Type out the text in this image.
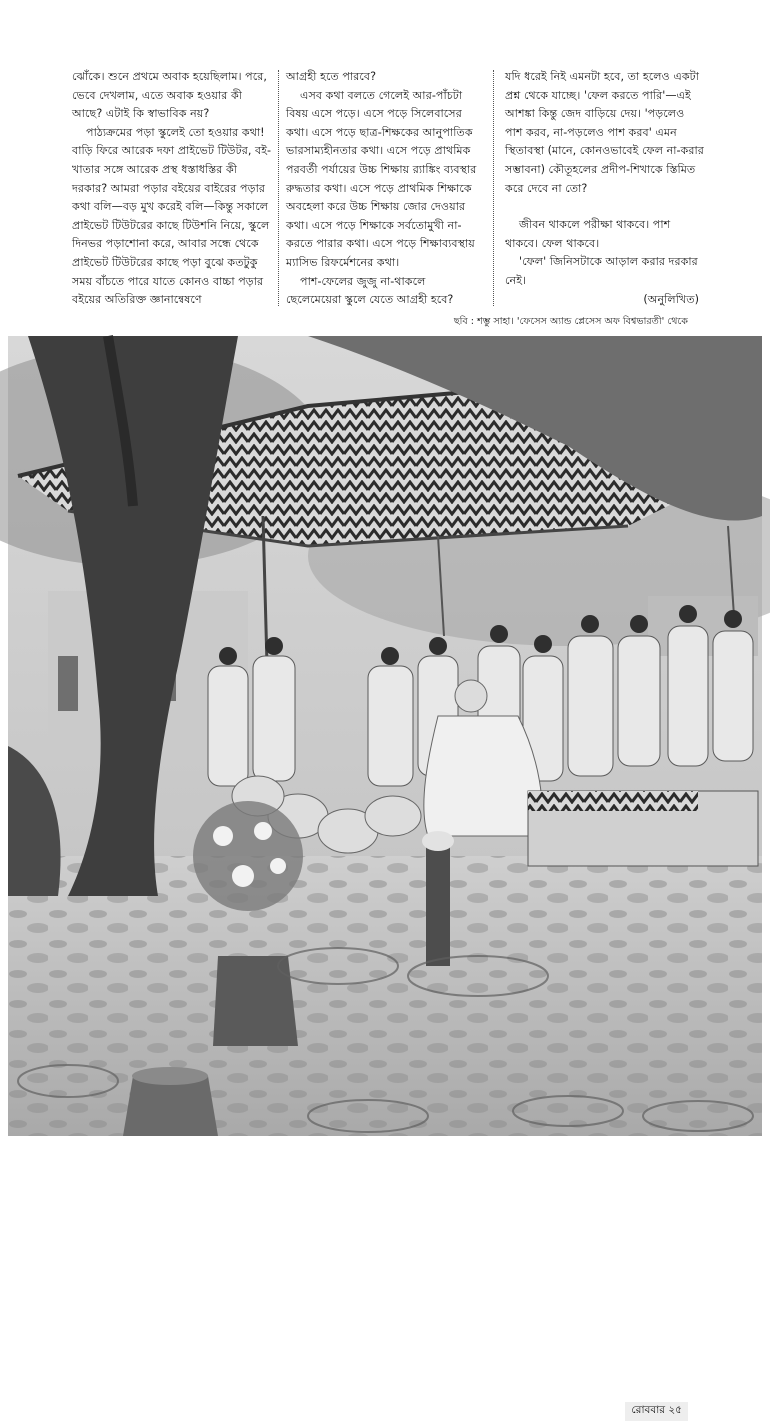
ঝোঁকে। শুনে প্রথমে অবাক হয়েছিলাম। পরে, ভেবে দেখলাম, এতে অবাক হওয়ার কী আছে? এটাই কি স্বাভাবিক নয়?

পাঠ্যক্রমের পড়া স্কুলেই তো হওয়ার কথা! বাড়ি ফিরে আরেক দফা প্রাইভেট টিউটর, বই-খাতার সঙ্গে আরেক প্রস্থ ধস্তাধস্তির কী দরকার? আমরা পড়ার বইয়ের বাইরের পড়ার কথা বলি—বড় মুখ করেই বলি—কিন্তু সকালে প্রাইভেট টিউটরের কাছে টিউশনি নিয়ে, স্কুলে দিনভর পড়াশোনা করে, আবার সন্ধে থেকে প্রাইভেট টিউটরের কাছে পড়া বুঝে কতটুকু সময় বাঁচতে পারে যাতে কোনও বাচ্চা পড়ার বইয়ের অতিরিক্ত জ্ঞানান্বেষণে

আগ্রহী হতে পারবে?

এসব কথা বলতে গেলেই আর-পাঁচটা বিষয় এসে পড়ে। এসে পড়ে সিলেবাসের কথা। এসে পড়ে ছাত্র-শিক্ষকের আনুপাতিক ভারসাম্যহীনতার কথা। এসে পড়ে প্রাথমিক পরবর্তী পর্যায়ের উচ্চ শিক্ষায় র‍্যাঙ্কিং ব্যবস্থার রুদ্ধতার কথা। এসে পড়ে প্রাথমিক শিক্ষাকে অবহেলা করে উচ্চ শিক্ষায় জোর দেওয়ার কথা। এসে পড়ে শিক্ষাকে সর্বতোমুখী না-করতে পারার কথা। এসে পড়ে শিক্ষাব্যবস্থায় ম্যাসিভ রিফর্মেশনের কথা।

পাশ-ফেলের জুজু না-থাকলে ছেলেমেয়েরা স্কুলে যেতে আগ্রহী হবে?

যদি ধরেই নিই এমনটা হবে, তা হলেও একটা প্রশ্ন থেকে যাচ্ছে। 'ফেল করতে পারি'—এই আশঙ্কা কিন্তু জেদ বাড়িয়ে দেয়। 'পড়লেও পাশ করব, না-পড়লেও পাশ করব' এমন স্থিতাবস্থা (মানে, কোনওভাবেই ফেল না-করার সম্ভাবনা) কৌতূহলের প্রদীপ-শিখাকে স্তিমিত করে দেবে না তো?

জীবন থাকলে পরীক্ষা থাকবে। পাশ থাকবে। ফেল থাকবে।

'ফেল' জিনিসটাকে আড়াল করার দরকার নেই।

(অনুলিখিত)

ছবি : শম্ভু সাহা। 'ফেসেস অ্যান্ড প্লেসেস অফ বিশ্বভারতী' থেকে
রোববার ২৫
